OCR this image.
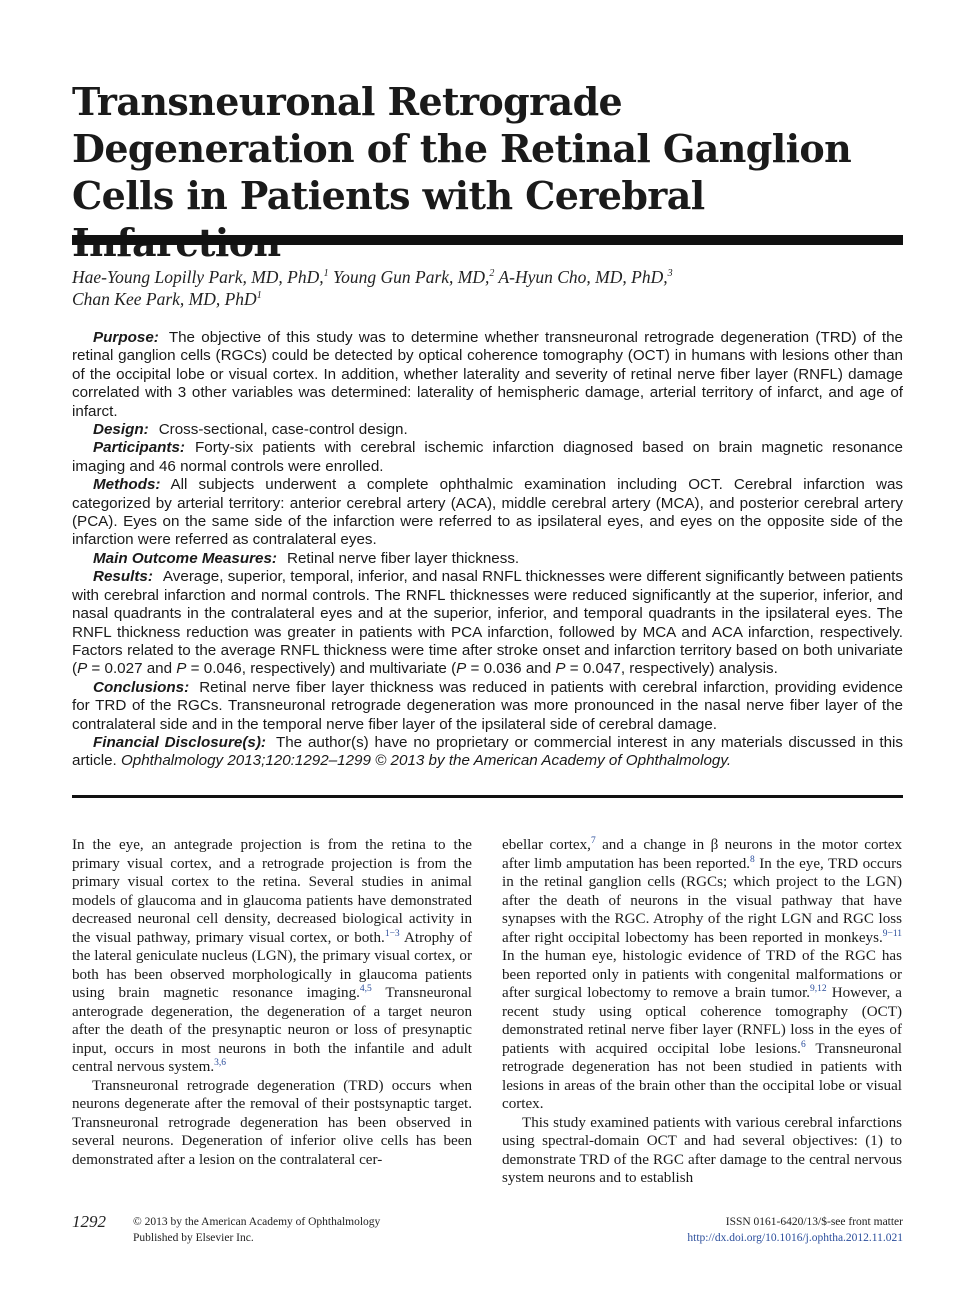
Transneuronal Retrograde Degeneration of the Retinal Ganglion Cells in Patients with Cerebral
Hae-Young Lopilly Park, MD, PhD,$^1$ Young Gun Park, MD,$^2$ A-Hyun Cho, MD, PhD,$^3$
Chan Kee Park, MD, PhD$^1$

Purpose: The objective of this study was to determine whether transneuronal retrograde degeneration (TRD) of the retinal ganglion cells (RGCs) could be detected by optical coherence tomography (OCT) in humans with lesions other than of the occipital lobe or visual cortex. In addition, whether laterality and severity of retinal nerve fiber layer (RNFL) damage correlated with 3 other variables was determined: laterality of hemispheric damage, arterial territory of infarct, and age of infarct.

Design: Cross-sectional, case-control design.

Participants: Forty-six patients with cerebral ischemic infarction diagnosed based on brain magnetic resonance imaging and 46 normal controls were enrolled.

Methods: All subjects underwent a complete ophthalmic examination including OCT. Cerebral infarction was categorized by arterial territory: anterior cerebral artery (ACA), middle cerebral artery (MCA), and posterior cerebral artery (PCA). Eyes on the same side of the infarction were referred to as ipsilateral eyes, and eyes on the opposite side of the infarction were referred as contralateral eyes.

Main Outcome Measures: Retinal nerve fiber layer thickness.

Results: Average, superior, temporal, inferior, and nasal RNFL thicknesses were different significantly between patients with cerebral infarction and normal controls. The RNFL thicknesses were reduced significantly at the superior, inferior, and nasal quadrants in the contralateral eyes and at the superior, inferior, and temporal quadrants in the ipsilateral eyes. The RNFL thickness reduction was greater in patients with PCA infarction, followed by MCA and ACA infarction, respectively. Factors related to the average RNFL thickness were time after stroke onset and infarction territory based on both univariate (P = 0.027 and P = 0.046, respectively) and multivariate (P = 0.036 and P = 0.047, respectively) analysis.

Conclusions: Retinal nerve fiber layer thickness was reduced in patients with cerebral infarction, providing evidence for TRD of the RGCs. Transneuronal retrograde degeneration was more pronounced in the nasal nerve fiber layer of the contralateral side and in the temporal nerve fiber layer of the ipsilateral side of cerebral damage.

Financial Disclosure(s): The author(s) have no proprietary or commercial interest in any materials discussed in this article. Ophthalmology 2013;120:1292–1299 © 2013 by the American Academy of Ophthalmology.

In the eye, an antegrade projection is from the retina to the primary visual cortex, and a retrograde projection is from the primary visual cortex to the retina. Several studies in animal models of glaucoma and in glaucoma patients have demonstrated decreased neuronal cell density, decreased biological activity in the visual pathway, primary visual cortex, or both.$^{1-3}$ Atrophy of the lateral geniculate nucleus (LGN), the primary visual cortex, or both has been observed morphologically in glaucoma patients using brain magnetic resonance imaging.$^{4,5}$ Transneuronal anterograde degeneration, the degeneration of a target neuron after the death of the presynaptic neuron or loss of presynaptic input, occurs in most neurons in both the infantile and adult central nervous system.$^{3,6}$

Transneuronal retrograde degeneration (TRD) occurs when neurons degenerate after the removal of their postsynaptic target. Transneuronal retrograde degeneration has been observed in several neurons. Degeneration of inferior olive cells has been demonstrated after a lesion on the contralateral cer-

ebellar cortex,$^7$ and a change in β neurons in the motor cortex after limb amputation has been reported.$^8$ In the eye, TRD occurs in the retinal ganglion cells (RGCs; which project to the LGN) after the death of neurons in the visual pathway that have synapses with the RGC. Atrophy of the right LGN and RGC loss after right occipital lobectomy has been reported in monkeys.$^{9-11}$ In the human eye, histologic evidence of TRD of the RGC has been reported only in patients with congenital malformations or after surgical lobectomy to remove a brain tumor.$^{9,12}$ However, a recent study using optical coherence tomography (OCT) demonstrated retinal nerve fiber layer (RNFL) loss in the eyes of patients with acquired occipital lobe lesions.$^6$ Transneuronal retrograde degeneration has not been studied in patients with lesions in areas of the brain other than the occipital lobe or visual cortex.

This study examined patients with various cerebral infarctions using spectral-domain OCT and had several objectives: (1) to demonstrate TRD of the RGC after damage to the central nervous system neurons and to establish

1292 © 2013 by the American Academy of Ophthalmology
Published by Elsevier Inc.
ISSN 0161-6420/13/$-see front matter
http://dx.doi.org/10.1016/j.ophtha.2012.11.021
